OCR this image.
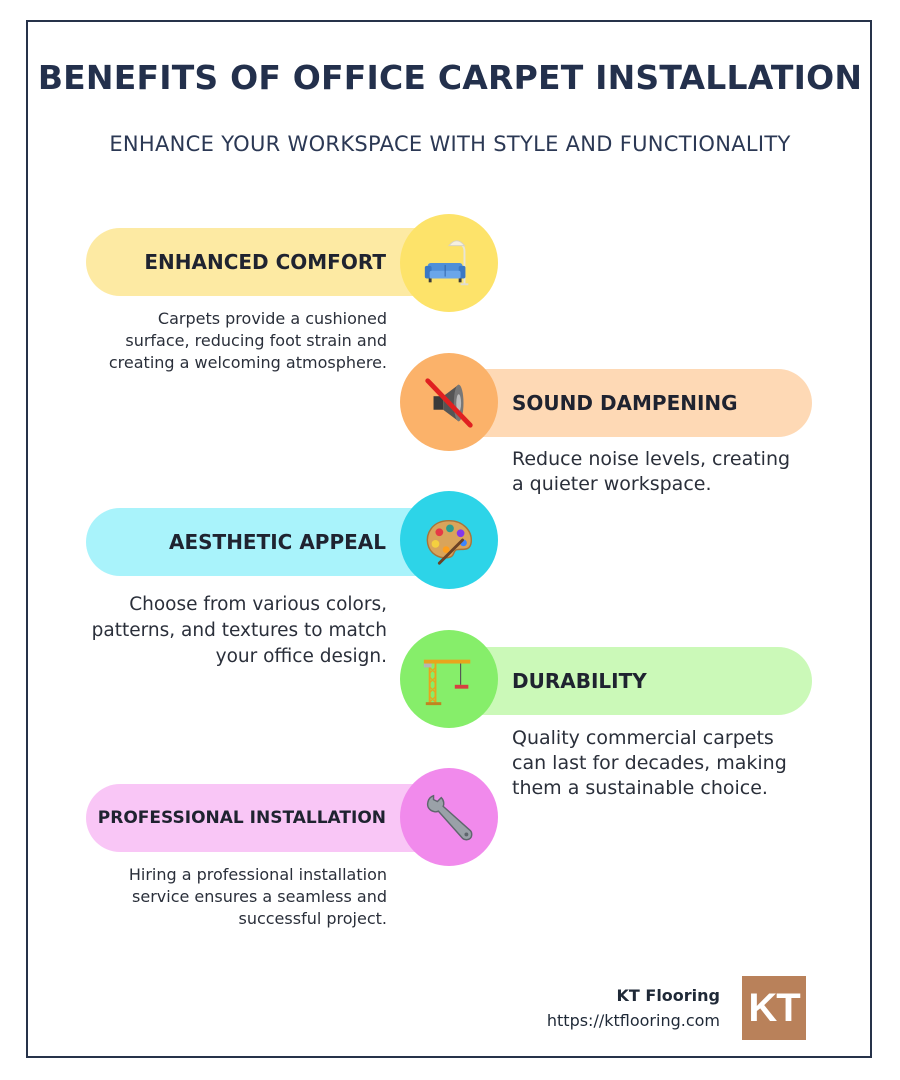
BENEFITS OF OFFICE CARPET INSTALLATION

ENHANCE YOUR WORKSPACE WITH STYLE AND FUNCTIONALITY

ENHANCED COMFORT
Carpets provide a cushioned surface, reducing foot strain and creating a welcoming atmosphere.
SOUND DAMPENING
Reduce noise levels, creating a quieter workspace.
AESTHETIC APPEAL
Choose from various colors, patterns, and textures to match your office design.
DURABILITY
Quality commercial carpets can last for decades, making them a sustainable choice.
PROFESSIONAL INSTALLATION
Hiring a professional installation service ensures a seamless and successful project.
KT Flooring
https://ktflooring.com KT
